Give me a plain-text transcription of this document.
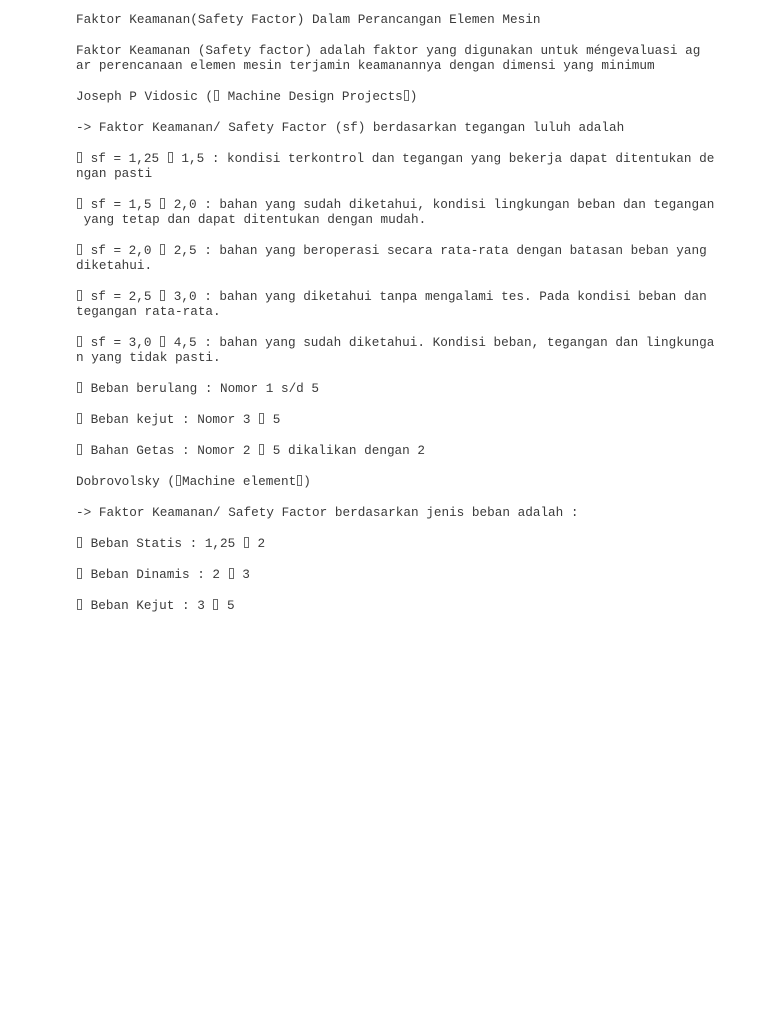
Faktor Keamanan(Safety Factor) Dalam Perancangan Elemen Mesin

Faktor Keamanan (Safety factor) adalah faktor yang digunakan untuk méngevaluasi ag
ar perencanaan elemen mesin terjamin keamanannya dengan dimensi yang minimum

Joseph P Vidosic ( Machine Design Projects )

-> Faktor Keamanan/ Safety Factor (sf) berdasarkan tegangan luluh adalah

sf = 1,25  1,5 : kondisi terkontrol dan tegangan yang bekerja dapat ditentukan de
ngan pasti

sf = 1,5  2,0 : bahan yang sudah diketahui, kondisi lingkungan beban dan tegangan
yang tetap dan dapat ditentukan dengan mudah.

sf = 2,0  2,5 : bahan yang beroperasi secara rata-rata dengan batasan beban yang
diketahui.

sf = 2,5  3,0 : bahan yang diketahui tanpa mengalami tes. Pada kondisi beban dan
tegangan rata-rata.

sf = 3,0  4,5 : bahan yang sudah diketahui. Kondisi beban, tegangan dan lingkunga
n yang tidak pasti.

Beban berulang : Nomor 1 s/d 5

Beban kejut : Nomor 3  5

Bahan Getas : Nomor 2  5 dikalikan dengan 2

Dobrovolsky ( Machine element )

-> Faktor Keamanan/ Safety Factor berdasarkan jenis beban adalah :

Beban Statis : 1,25  2

Beban Dinamis : 2  3

Beban Kejut : 3  5
